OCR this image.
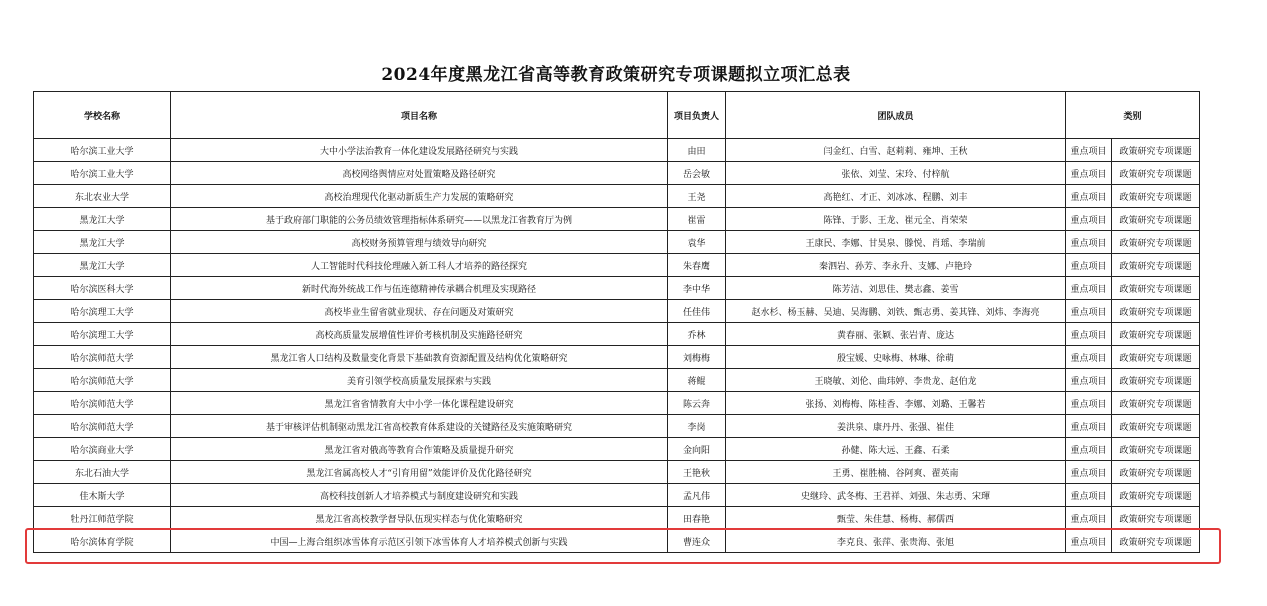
2024年度黑龙江省高等教育政策研究专项课题拟立项汇总表
学校名称	项目名称	项目负责人	团队成员	类别	
哈尔滨工业大学	大中小学法治教育一体化建设发展路径研究与实践	由田	闫金红、白雪、赵莉莉、雍坤、王秋	重点项目	政策研究专项课题
哈尔滨工业大学	高校网络舆情应对处置策略及路径研究	岳会敏	张依、刘莹、宋玲、付梓航	重点项目	政策研究专项课题
东北农业大学	高校治理现代化驱动新质生产力发展的策略研究	王尧	高艳红、才正、刘冰冰、程鹏、刘丰	重点项目	政策研究专项课题
黑龙江大学	基于政府部门职能的公务员绩效管理指标体系研究——以黑龙江省教育厅为例	崔雷	陈锋、于影、王龙、崔元全、肖荣荣	重点项目	政策研究专项课题
黑龙江大学	高校财务预算管理与绩效导向研究	袁华	王康民、李娜、甘昊泉、滕悦、肖瑶、李瑞前	重点项目	政策研究专项课题
黑龙江大学	人工智能时代科技伦理融入新工科人才培养的路径探究	朱春鹰	秦泗岩、孙芳、李永升、支娜、卢艳玲	重点项目	政策研究专项课题
哈尔滨医科大学	新时代海外统战工作与伍连德精神传承耦合机理及实现路径	李中华	陈芳洁、刘思佳、樊志鑫、姜雪	重点项目	政策研究专项课题
哈尔滨理工大学	高校毕业生留省就业现状、存在问题及对策研究	任佳伟	赵水杉、杨玉赫、吴迪、吴海鹏、刘铁、甄志勇、姜其锋、刘炜、李海亮	重点项目	政策研究专项课题
哈尔滨理工大学	高校高质量发展增值性评价考核机制及实施路径研究	乔林	黄春丽、张颖、张岩青、庞达	重点项目	政策研究专项课题
哈尔滨师范大学	黑龙江省人口结构及数量变化背景下基础教育资源配置及结构优化策略研究	刘梅梅	殷宝媛、史咏梅、林琳、徐萌	重点项目	政策研究专项课题
哈尔滨师范大学	美育引领学校高质量发展探索与实践	蒋鲲	王晓敏、刘伦、曲玮婷、李贵龙、赵伯龙	重点项目	政策研究专项课题
哈尔滨师范大学	黑龙江省省情教育大中小学一体化课程建设研究	陈云奔	张扬、刘梅梅、陈桂香、李娜、刘璐、王馨若	重点项目	政策研究专项课题
哈尔滨师范大学	基于审核评估机制驱动黑龙江省高校教育体系建设的关键路径及实施策略研究	李岗	姜洪泉、康丹丹、张强、崔佳	重点项目	政策研究专项课题
哈尔滨商业大学	黑龙江省对俄高等教育合作策略及质量提升研究	金向阳	孙健、陈大远、王鑫、石柔	重点项目	政策研究专项课题
东北石油大学	黑龙江省属高校人才“引育用留”效能评价及优化路径研究	王艳秋	王勇、崔胜楠、谷阿爽、翟英南	重点项目	政策研究专项课题
佳木斯大学	高校科技创新人才培养模式与制度建设研究和实践	孟凡伟	史继玲、武冬梅、王君祥、刘强、朱志勇、宋琿	重点项目	政策研究专项课题
牡丹江师范学院	黑龙江省高校教学督导队伍现实样态与优化策略研究	田春艳	甄莹、朱佳慧、杨梅、郝儒西	重点项目	政策研究专项课题
哈尔滨体育学院	中国—上海合组织冰雪体育示范区引领下冰雪体育人才培养模式创新与实践	曹连众	李克良、张萍、张贵海、张旭	重点项目	政策研究专项课题
